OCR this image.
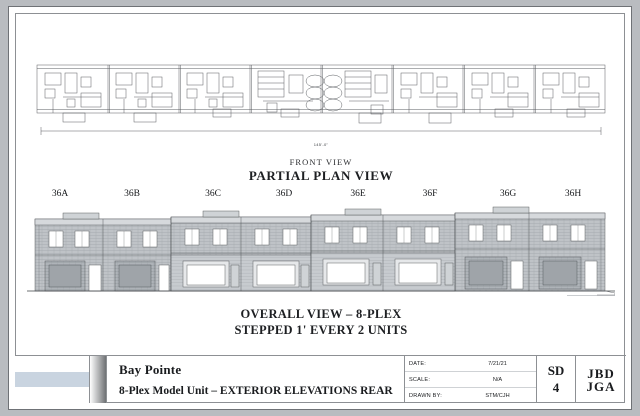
145'-0"
FRONT VIEW
PARTIAL PLAN VIEW
36A	36B	36C	36D	36E	36F	36G	36H
OVERALL VIEW – 8-PLEX
STEPPED 1' EVERY 2 UNITS
Bay Pointe
8-Plex Model Unit – EXTERIOR ELEVATIONS REAR
DATE:	7/21/21
SCALE:	N/A
DRAWN BY:	STM/CJH
SD
4
JBD
JGA
